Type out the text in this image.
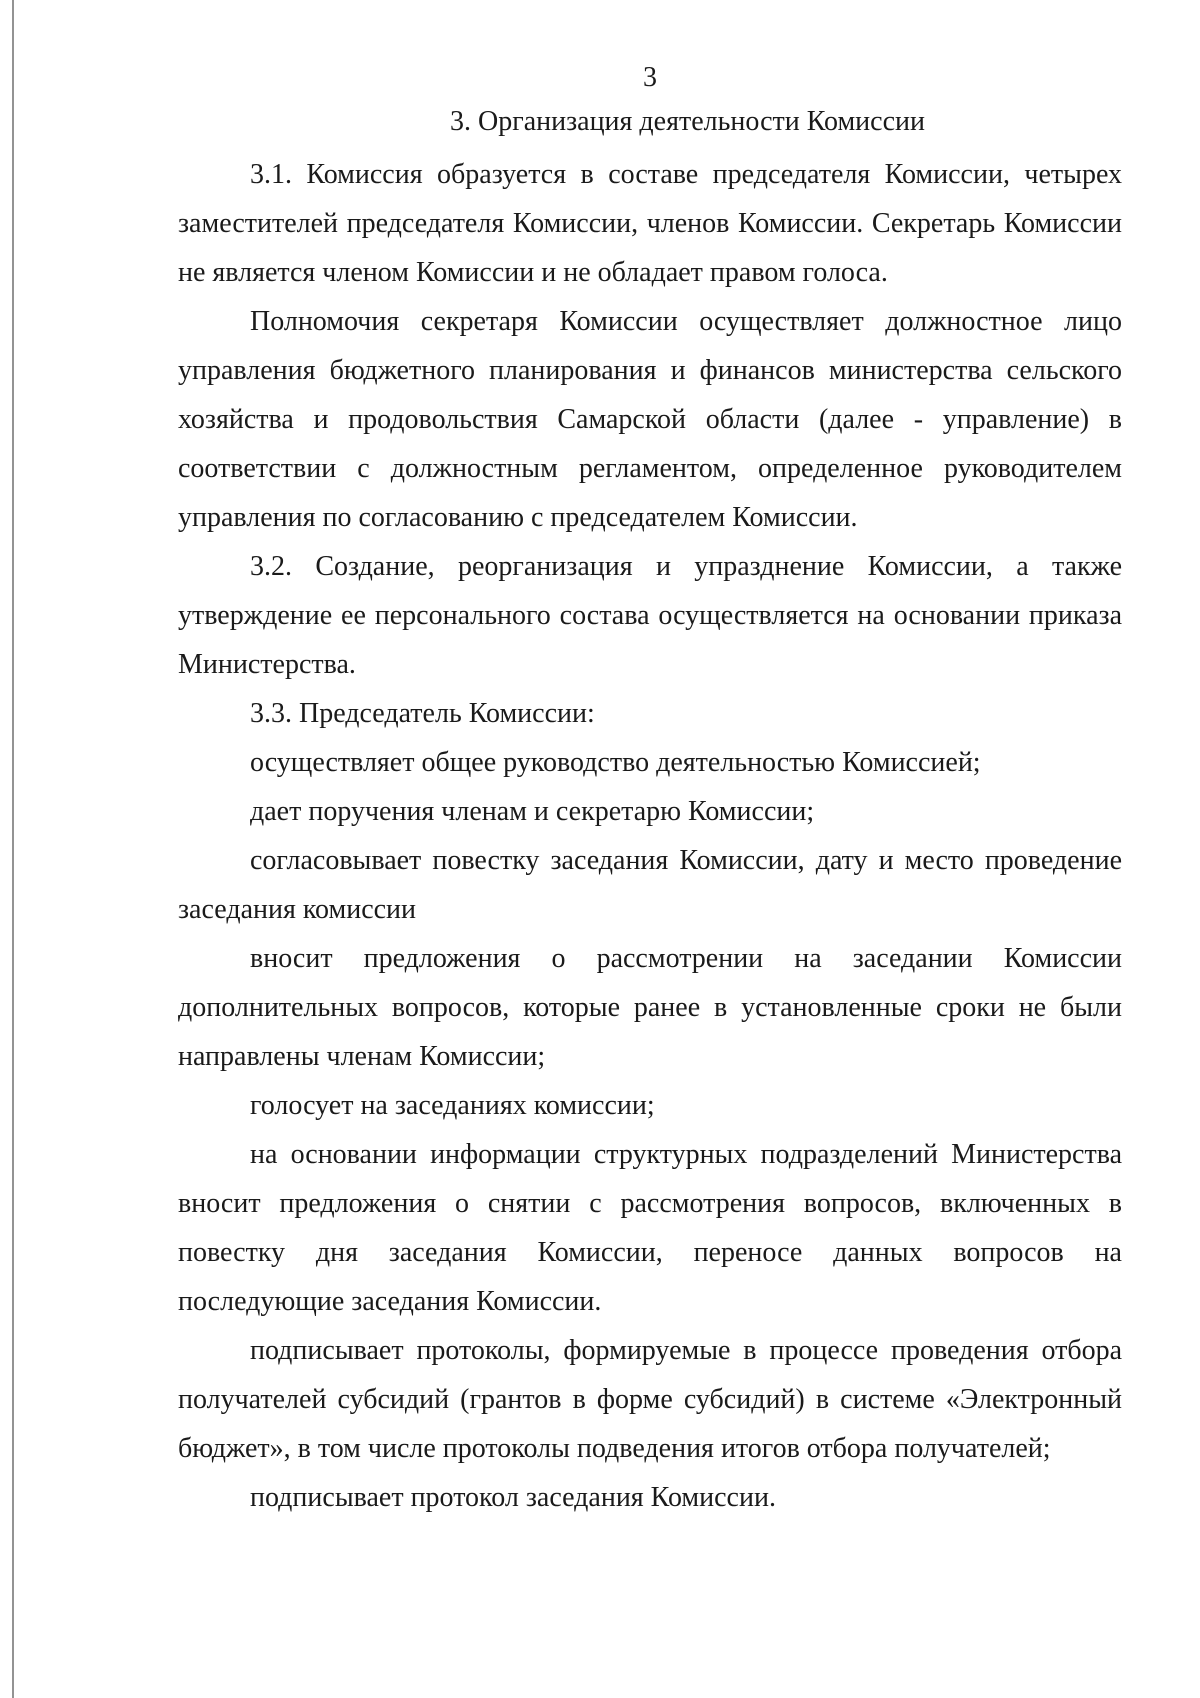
3
3. Организация деятельности Комиссии

3.1. Комиссия образуется в составе председателя Комиссии, четырех заместителей председателя Комиссии, членов Комиссии. Секретарь Комиссии не является членом Комиссии и не обладает правом голоса.

Полномочия секретаря Комиссии осуществляет должностное лицо управления бюджетного планирования и финансов министерства сельского хозяйства и продовольствия Самарской области (далее - управление) в соответствии с должностным регламентом, определенное руководителем управления по согласованию с председателем Комиссии.

3.2. Создание, реорганизация и упразднение Комиссии, а также утверждение ее персонального состава осуществляется на основании приказа Министерства.

3.3. Председатель Комиссии:

осуществляет общее руководство деятельностью Комиссией;

дает поручения членам и секретарю Комиссии;

согласовывает повестку заседания Комиссии, дату и место проведение заседания комиссии

вносит предложения о рассмотрении на заседании Комиссии дополнительных вопросов, которые ранее в установленные сроки не были направлены членам Комиссии;

голосует на заседаниях комиссии;

на основании информации структурных подразделений Министерства вносит предложения о снятии с рассмотрения вопросов, включенных в повестку дня заседания Комиссии, переносе данных вопросов на последующие заседания Комиссии.

подписывает протоколы, формируемые в процессе проведения отбора получателей субсидий (грантов в форме субсидий) в системе «Электронный бюджет», в том числе протоколы подведения итогов отбора получателей;

подписывает протокол заседания Комиссии.
